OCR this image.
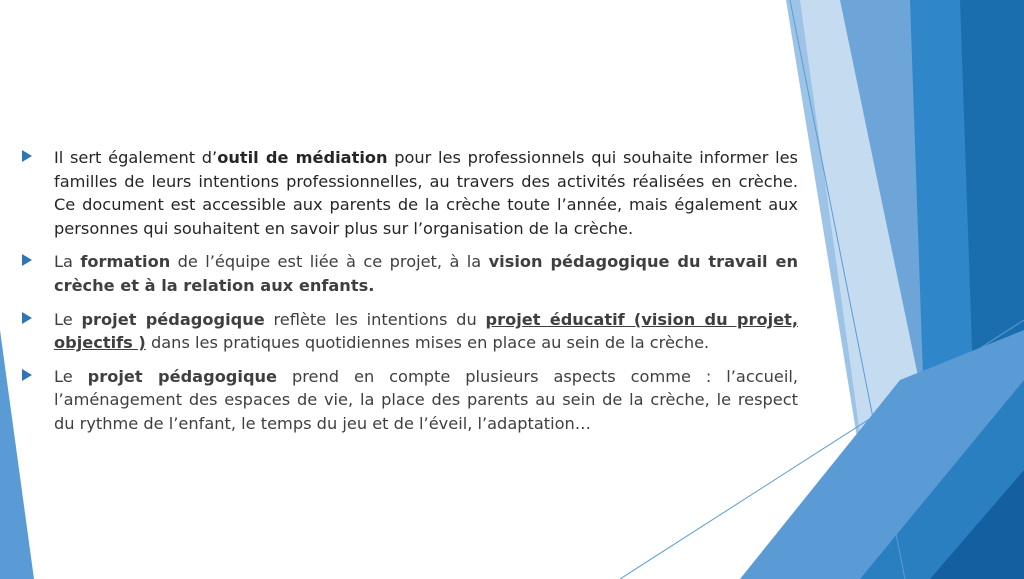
Il sert également d’outil de médiation pour les professionnels qui souhaite informer les familles de leurs intentions professionnelles, au travers des activités réalisées en crèche. Ce document est accessible aux parents de la crèche toute l’année, mais également aux personnes qui souhaitent en savoir plus sur l’organisation de la crèche.
La formation de l’équipe est liée à ce projet, à la vision pédagogique du travail en crèche et à la relation aux enfants.
Le projet pédagogique reflète les intentions du projet éducatif (vision du projet, objectifs ) dans les pratiques quotidiennes mises en place au sein de la crèche.
Le projet pédagogique prend en compte plusieurs aspects comme : l’accueil, l’aménagement des espaces de vie, la place des parents au sein de la crèche, le respect du rythme de l’enfant, le temps du jeu et de l’éveil, l’adaptation…
